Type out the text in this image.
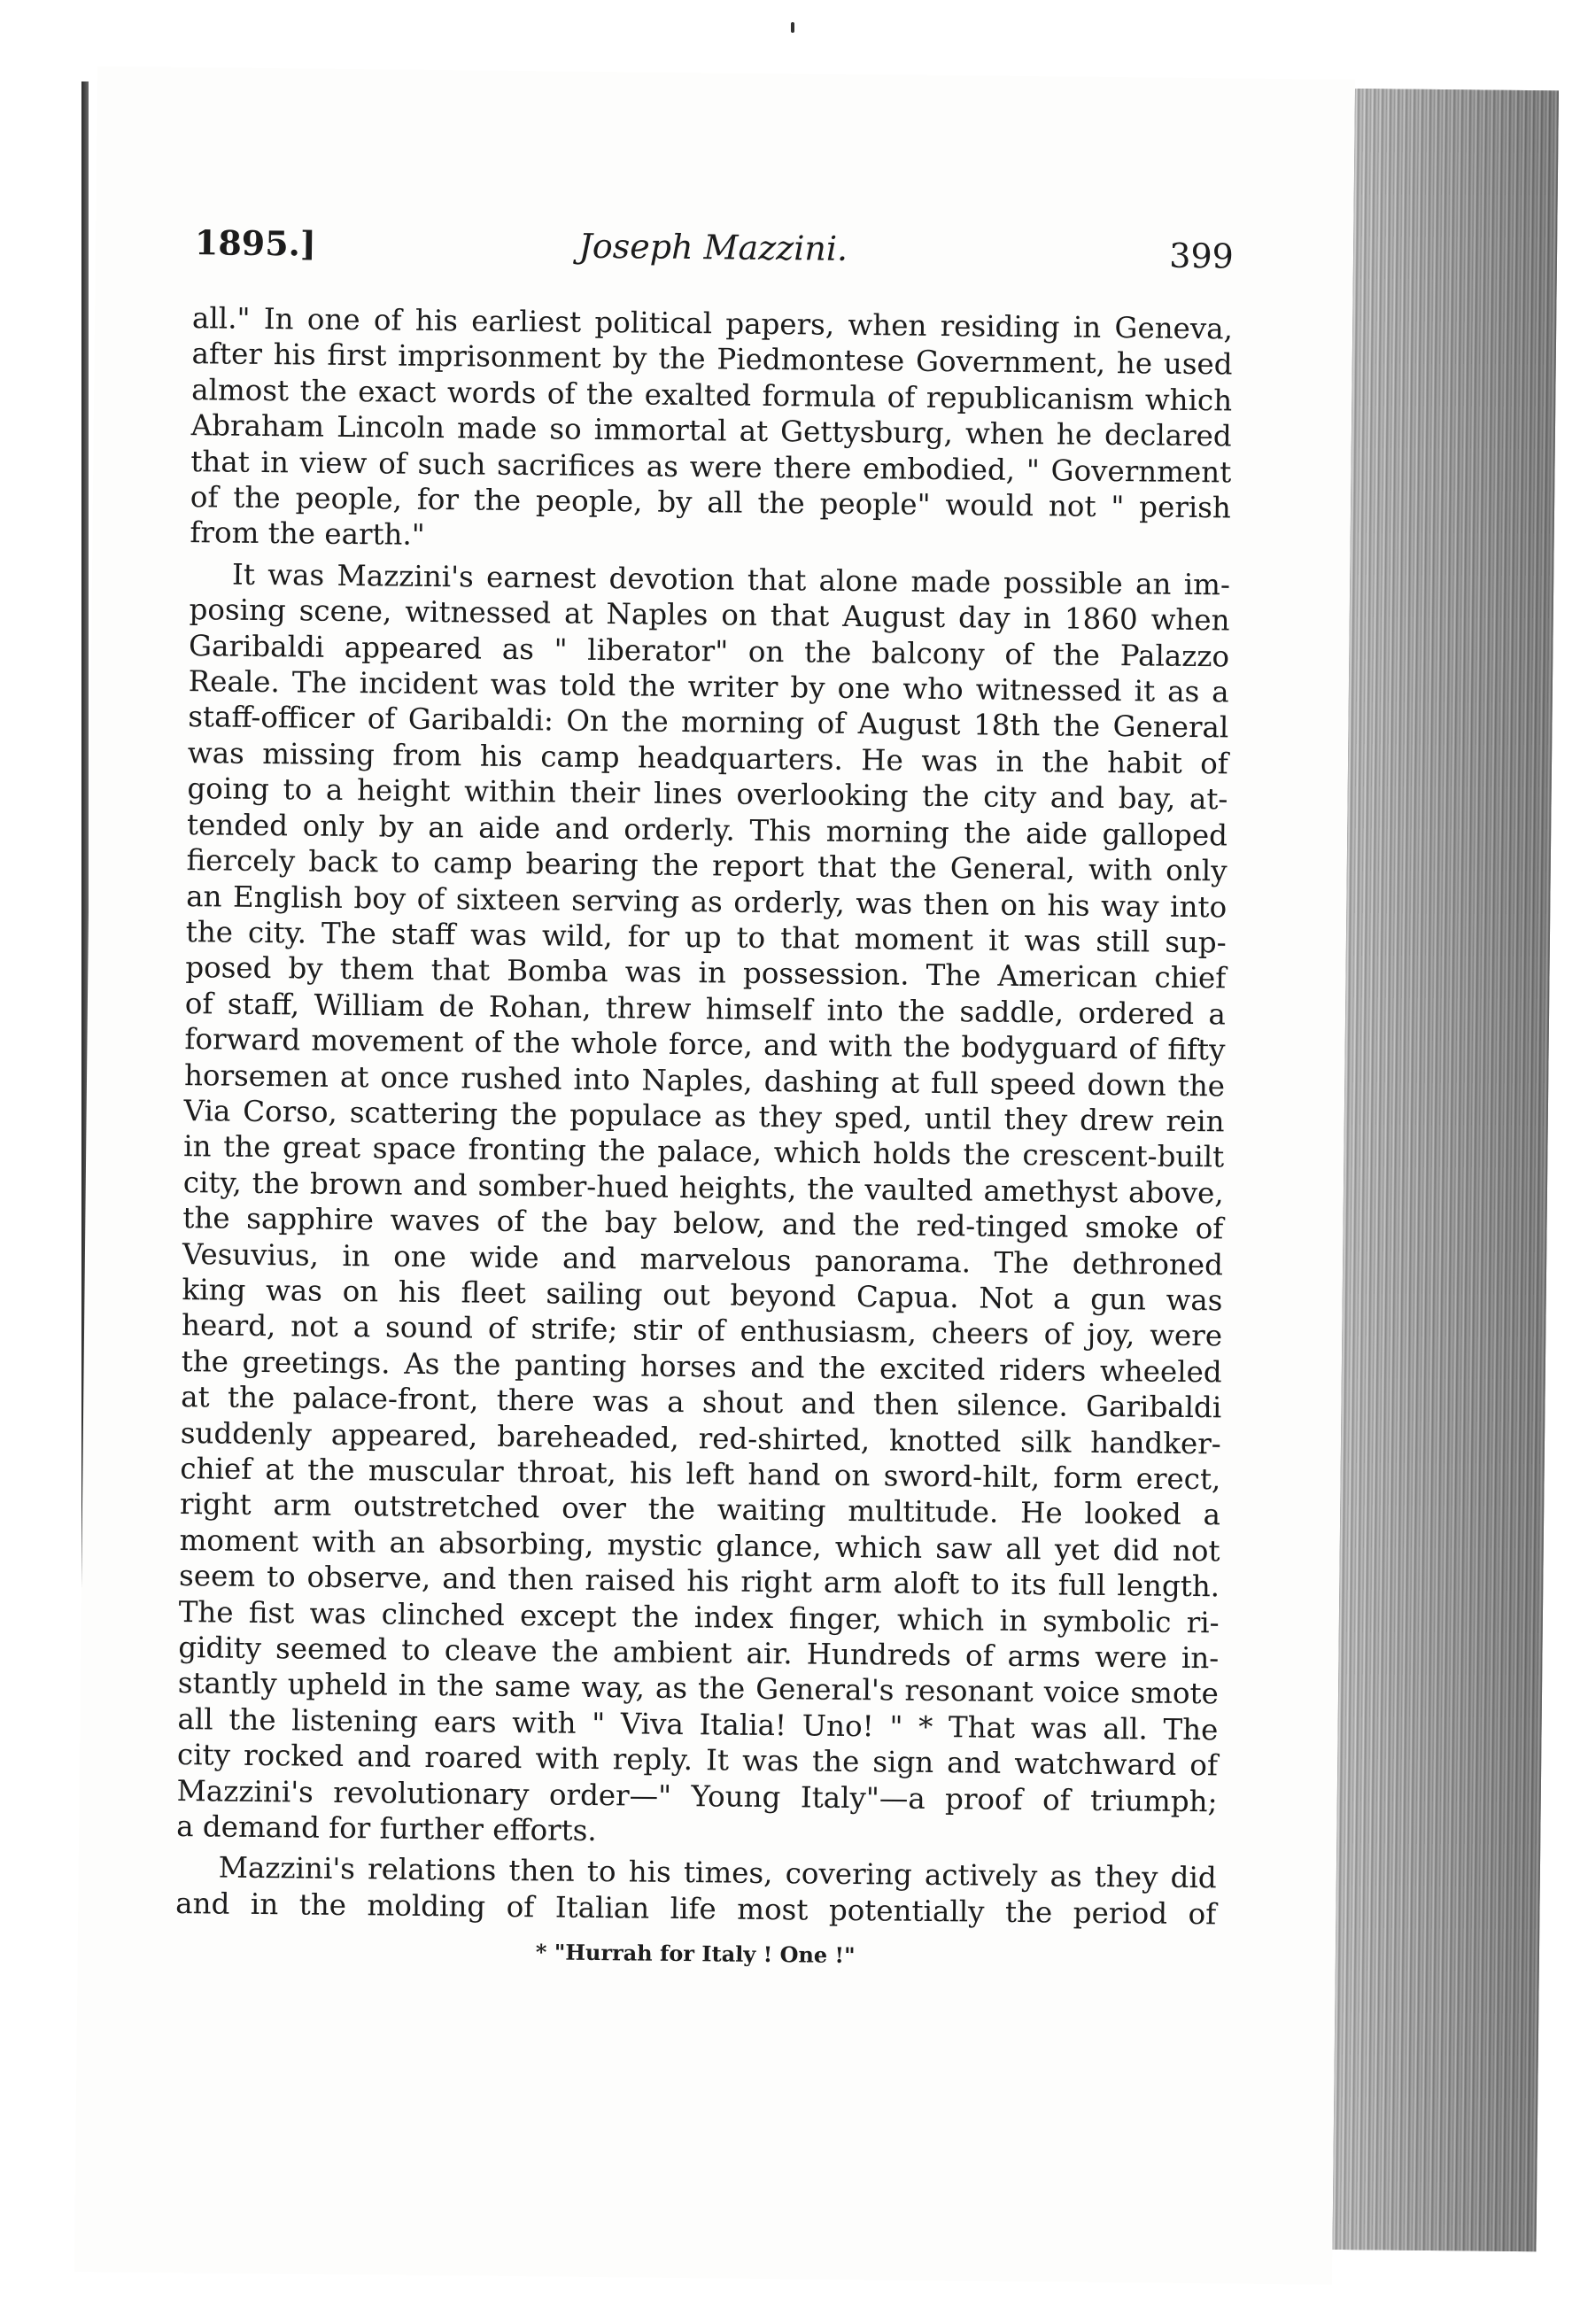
1895.]	Joseph Mazzini.	399

all." In one of his earliest political papers, when residing in Geneva,
after his first imprisonment by the Piedmontese Government, he used
almost the exact words of the exalted formula of republicanism which
Abraham Lincoln made so immortal at Gettysburg, when he declared
that in view of such sacrifices as were there embodied, " Government
of the people, for the people, by all the people" would not " perish
from the earth."

It was Mazzini's earnest devotion that alone made possible an im-
posing scene, witnessed at Naples on that August day in 1860 when
Garibaldi appeared as " liberator" on the balcony of the Palazzo
Reale. The incident was told the writer by one who witnessed it as a
staff-officer of Garibaldi: On the morning of August 18th the General
was missing from his camp headquarters. He was in the habit of
going to a height within their lines overlooking the city and bay, at-
tended only by an aide and orderly. This morning the aide galloped
fiercely back to camp bearing the report that the General, with only
an English boy of sixteen serving as orderly, was then on his way into
the city. The staff was wild, for up to that moment it was still sup-
posed by them that Bomba was in possession. The American chief
of staff, William de Rohan, threw himself into the saddle, ordered a
forward movement of the whole force, and with the bodyguard of fifty
horsemen at once rushed into Naples, dashing at full speed down the
Via Corso, scattering the populace as they sped, until they drew rein
in the great space fronting the palace, which holds the crescent-built
city, the brown and somber-hued heights, the vaulted amethyst above,
the sapphire waves of the bay below, and the red-tinged smoke of
Vesuvius, in one wide and marvelous panorama. The dethroned
king was on his fleet sailing out beyond Capua. Not a gun was
heard, not a sound of strife; stir of enthusiasm, cheers of joy, were
the greetings. As the panting horses and the excited riders wheeled
at the palace-front, there was a shout and then silence. Garibaldi
suddenly appeared, bareheaded, red-shirted, knotted silk handker-
chief at the muscular throat, his left hand on sword-hilt, form erect,
right arm outstretched over the waiting multitude. He looked a
moment with an absorbing, mystic glance, which saw all yet did not
seem to observe, and then raised his right arm aloft to its full length.
The fist was clinched except the index finger, which in symbolic ri-
gidity seemed to cleave the ambient air. Hundreds of arms were in-
stantly upheld in the same way, as the General's resonant voice smote
all the listening ears with " Viva Italia! Uno! " * That was all. The
city rocked and roared with reply. It was the sign and watchward of
Mazzini's revolutionary order—" Young Italy"—a proof of triumph;
a demand for further efforts.

Mazzini's relations then to his times, covering actively as they did
and in the molding of Italian life most potentially the period of

* "Hurrah for Italy ! One !"
